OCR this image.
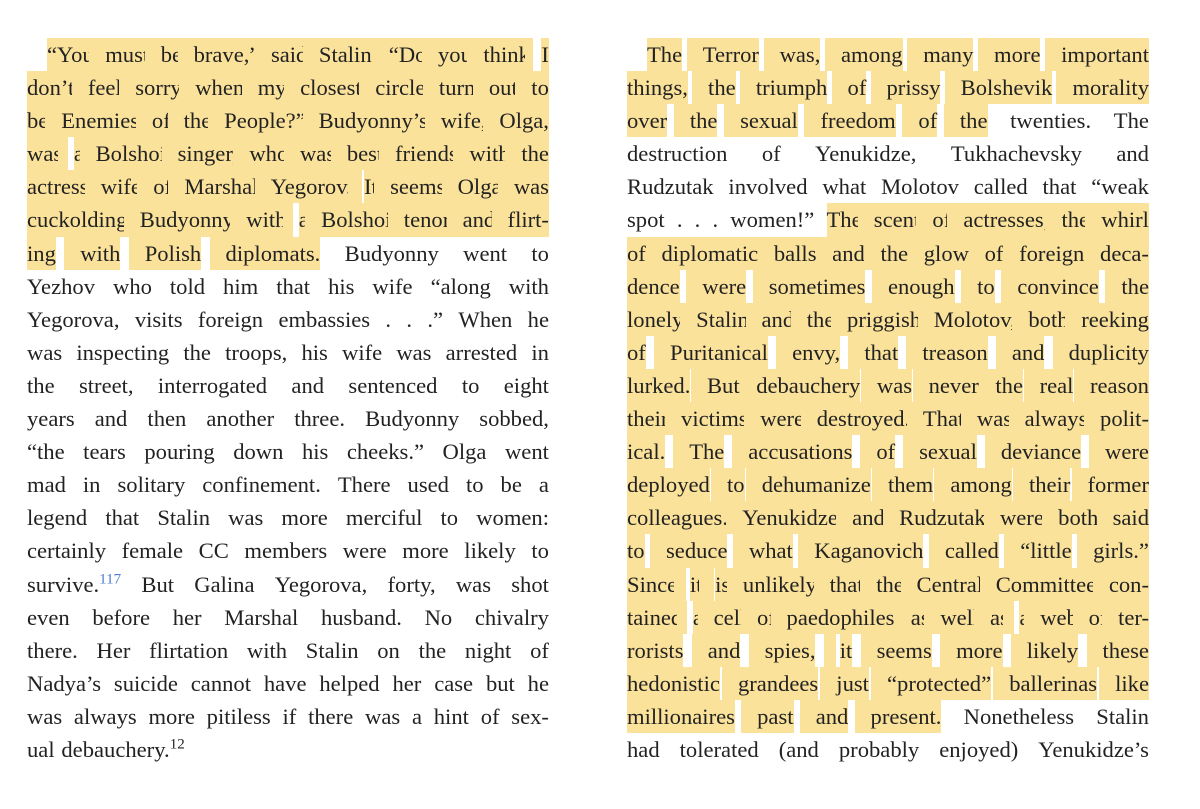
“You must be brave,” said Stalin. “Do you think I
don’t feel sorry when my closest circle turn out to
be Enemies of the People?” Budyonny’s wife, Olga,
was a Bolshoi singer, who was best friends with the
actress wife of Marshal Yegorov. It seems Olga was
cuckolding Budyonny with a Bolshoi tenor and flirt-
ing with Polish diplomats. Budyonny went to
Yezhov who told him that his wife “along with
Yegorova, visits foreign embassies . . .” When he
was inspecting the troops, his wife was arrested in
the street, interrogated and sentenced to eight
years and then another three. Budyonny sobbed,
“the tears pouring down his cheeks.” Olga went
mad in solitary confinement. There used to be a
legend that Stalin was more merciful to women:
certainly female CC members were more likely to
survive.$^{117}$ But Galina Yegorova, forty, was shot
even before her Marshal husband. No chivalry
there. Her flirtation with Stalin on the night of
Nadya’s suicide cannot have helped her case but he
was always more pitiless if there was a hint of sex-
ual debauchery.$^{12}$
The Terror was, among many more important
things, the triumph of prissy Bolshevik morality
over the sexual freedom of the twenties. The
destruction of Yenukidze, Tukhachevsky and
Rudzutak involved what Molotov called that “weak
spot . . . women!” The scent of actresses, the whirl
of diplomatic balls and the glow of foreign deca-
dence were sometimes enough to convince the
lonely Stalin and the priggish Molotov, both reeking
of Puritanical envy, that treason and duplicity
lurked. But debauchery was never the real reason
their victims were destroyed. That was always polit-
ical. The accusations of sexual deviance were
deployed to dehumanize them among their former
colleagues. Yenukidze and Rudzutak were both said
to seduce what Kaganovich called “little girls.”
Since it is unlikely that the Central Committee con-
tained a cell of paedophiles, as well as a web of ter-
rorists and spies, it seems more likely these
hedonistic grandees just “protected” ballerinas like
millionaires past and present. Nonetheless Stalin
had tolerated (and probably enjoyed) Yenukidze’s
